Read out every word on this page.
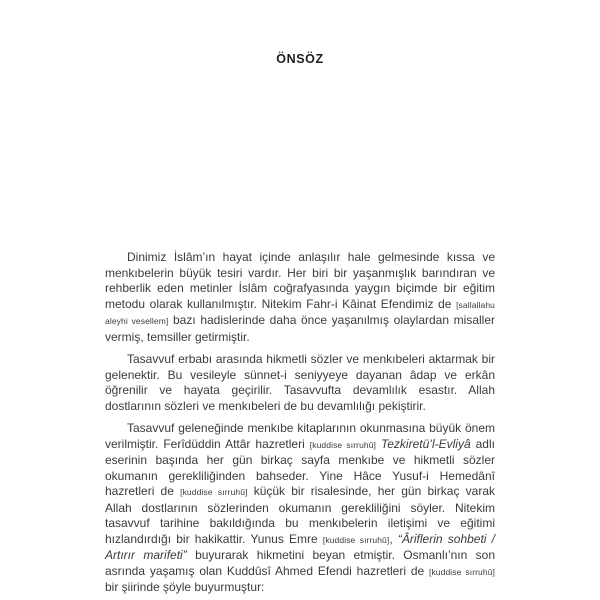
ÖNSÖZ

Dinimiz İslâm’ın hayat içinde anlaşılır hale gelmesinde kıssa ve menkıbelerin büyük tesiri vardır. Her biri bir yaşanmışlık barındıran ve rehberlik eden metinler İslâm coğrafyasında yaygın biçimde bir eğitim metodu olarak kullanılmıştır. Nitekim Fahr-i Kâinat Efendimiz de [sallallahu aleyhi vesellem] bazı hadislerinde daha önce yaşanılmış olaylardan misaller vermiş, temsiller getirmiştir.

Tasavvuf erbabı arasında hikmetli sözler ve menkıbeleri aktarmak bir gelenektir. Bu vesileyle sünnet-i seniyyeye dayanan âdap ve erkân öğrenilir ve hayata geçirilir. Tasavvufta devamlılık esastır. Allah dostlarının sözleri ve menkıbeleri de bu devamlılığı pekiştirir.

Tasavvuf geleneğinde menkıbe kitaplarının okunmasına büyük önem verilmiştir. Ferîdüddin Attâr hazretleri [kuddise sırruhû] Tezkiretü’l-Evliyâ adlı eserinin başında her gün birkaç sayfa menkıbe ve hikmetli sözler okumanın gerekliliğinden bahseder. Yine Hâce Yusuf-i Hemedânî hazretleri de [kuddise sırruhû] küçük bir risalesinde, her gün birkaç varak Allah dostlarının sözlerinden okumanın gerekliliğini söyler. Nitekim tasavvuf tarihine bakıldığında bu menkıbelerin iletişimi ve eğitimi hızlandırdığı bir hakikattir. Yunus Emre [kuddise sırruhû], “Âriflerin sohbeti / Artırır marifeti” buyurarak hikmetini beyan etmiştir. Osmanlı’nın son asrında yaşamış olan Kuddûsî Ahmed Efendi hazretleri de [kuddise sırruhû] bir şiirinde şöyle buyurmuştur:
